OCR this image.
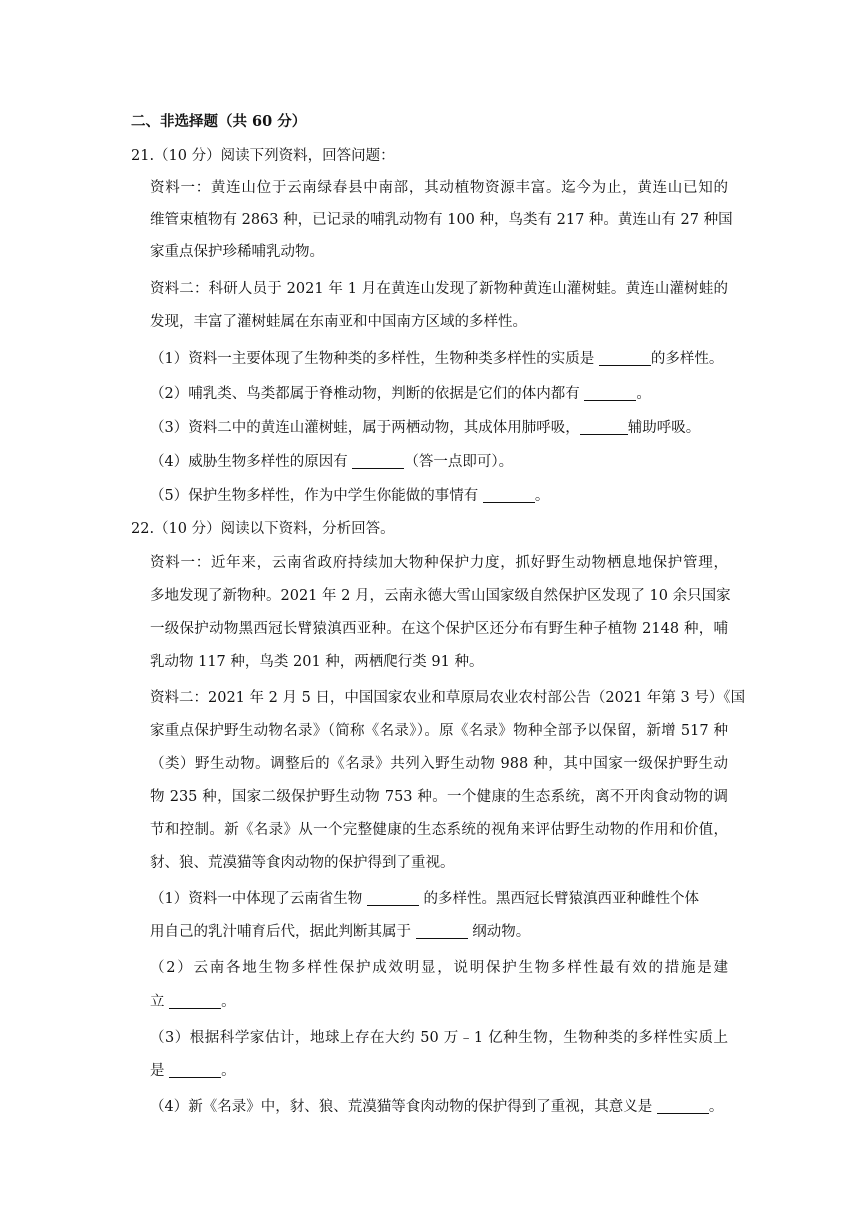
二、非选择题（共 60 分）
21.（10 分）阅读下列资料，回答问题：
资料一：黄连山位于云南绿春县中南部，其动植物资源丰富。迄今为止，黄连山已知的
维管束植物有 2863 种，已记录的哺乳动物有 100 种，鸟类有 217 种。黄连山有 27 种国
家重点保护珍稀哺乳动物。
资料二：科研人员于 2021 年 1 月在黄连山发现了新物种黄连山灌树蛙。黄连山灌树蛙的
发现，丰富了灌树蛙属在东南亚和中国南方区域的多样性。
（1）资料一主要体现了生物种类的多样性，生物种类多样性的实质是	的多样性。
（2）哺乳类、鸟类都属于脊椎动物，判断的依据是它们的体内都有	。
（3）资料二中的黄连山灌树蛙，属于两栖动物，其成体用肺呼吸，	辅助呼吸。
（4）威胁生物多样性的原因有	（答一点即可）。
（5）保护生物多样性，作为中学生你能做的事情有	。
22.（10 分）阅读以下资料，分析回答。
资料一：近年来，云南省政府持续加大物种保护力度，抓好野生动物栖息地保护管理，
多地发现了新物种。2021 年 2 月，云南永德大雪山国家级自然保护区发现了 10 余只国家
一级保护动物黑西冠长臂猿滇西亚种。在这个保护区还分布有野生种子植物 2148 种，哺
乳动物 117 种，鸟类 201 种，两栖爬行类 91 种。
资料二：2021 年 2 月 5 日，中国国家农业和草原局农业农村部公告（2021 年第 3 号）《国
家重点保护野生动物名录》（简称《名录》）。原《名录》物种全部予以保留，新增 517 种
（类）野生动物。调整后的《名录》共列入野生动物 988 种，其中国家一级保护野生动
物 235 种，国家二级保护野生动物 753 种。一个健康的生态系统，离不开肉食动物的调
节和控制。新《名录》从一个完整健康的生态系统的视角来评估野生动物的作用和价值，
豺、狼、荒漠猫等食肉动物的保护得到了重视。
（1）资料一中体现了云南省生物	的多样性。黑西冠长臂猿滇西亚种雌性个体
用自己的乳汁哺育后代，据此判断其属于	纲动物。
（2）云南各地生物多样性保护成效明显，说明保护生物多样性最有效的措施是建
立	。
（3）根据科学家估计，地球上存在大约 50 万﹣1 亿种生物，生物种类的多样性实质上
是	。
（4）新《名录》中，豺、狼、荒漠猫等食肉动物的保护得到了重视，其意义是	。
